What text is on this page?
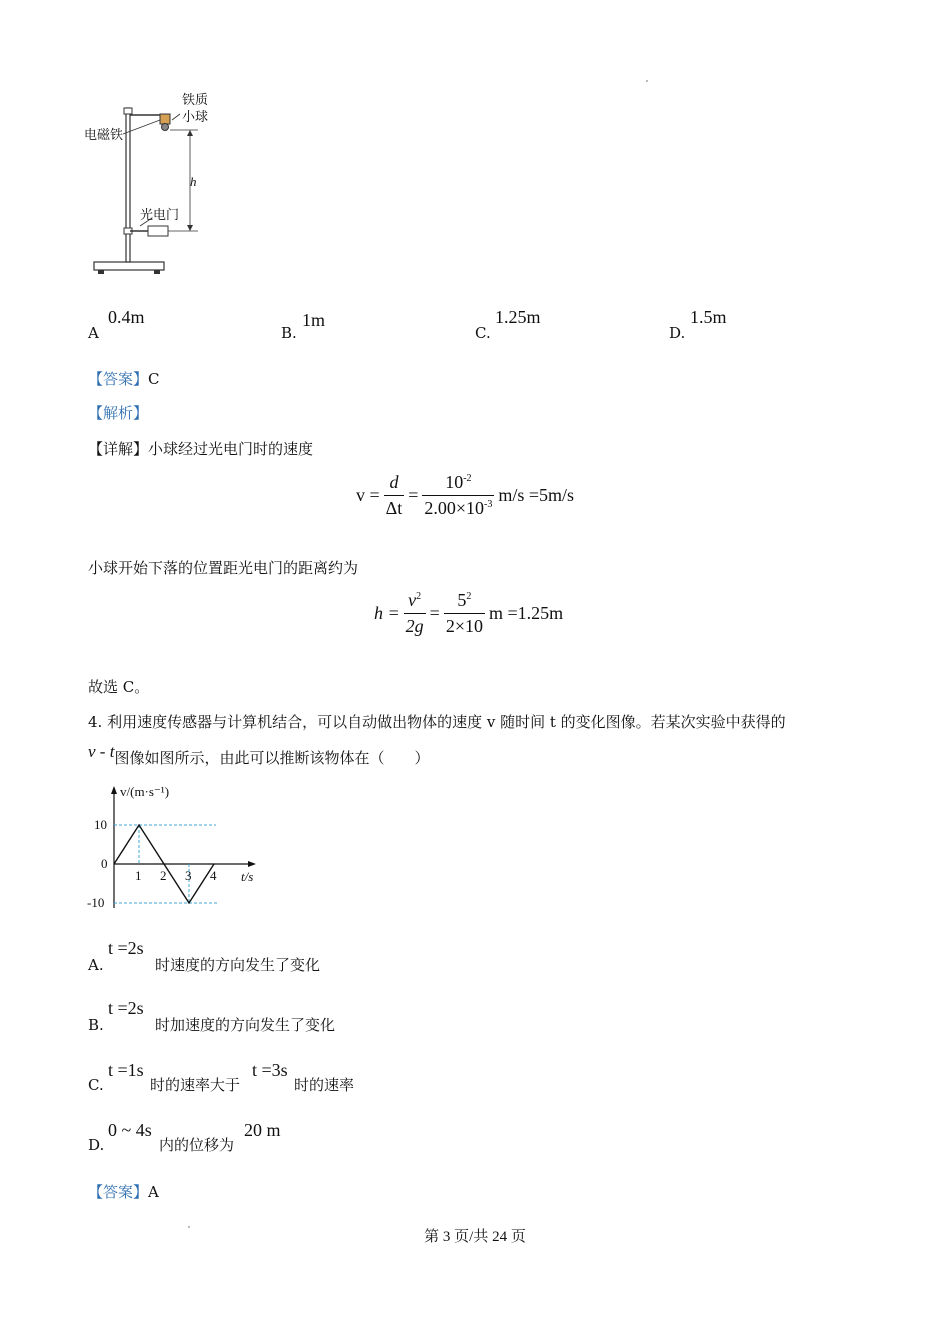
铁质
小球
电磁铁
h
光电门
A
0.4m
B.
1m
C.
1.25m
D.
1.5m
【答案】C
【解析】
【详解】小球经过光电门时的速度
$v = \frac{d}{\Delta t} = \frac{10^{-2}}{2.00\times 10^{-3}} m/s =5m/s$
小球开始下落的位置距光电门的距离约为
$h = \frac{v^2}{2g} = \frac{5^2}{2\times 10}$ m =1.25m
故选 C。
4. 利用速度传感器与计算机结合，可以自动做出物体的速度 v 随时间 t 的变化图像。若某次实验中获得的
v - t图像如图所示，由此可以推断该物体在（　　）
v/(m·s⁻¹)
t/s
1 2 3 4
10
0
-10
A.
t =2s
时速度的方向发生了变化
B.
t =2s
时加速度的方向发生了变化
C.
t =1s
时的速率大于
t =3s
时的速率
D.
0 ~ 4s
内的位移为
20 m
【答案】A
第 3 页/共 24 页
